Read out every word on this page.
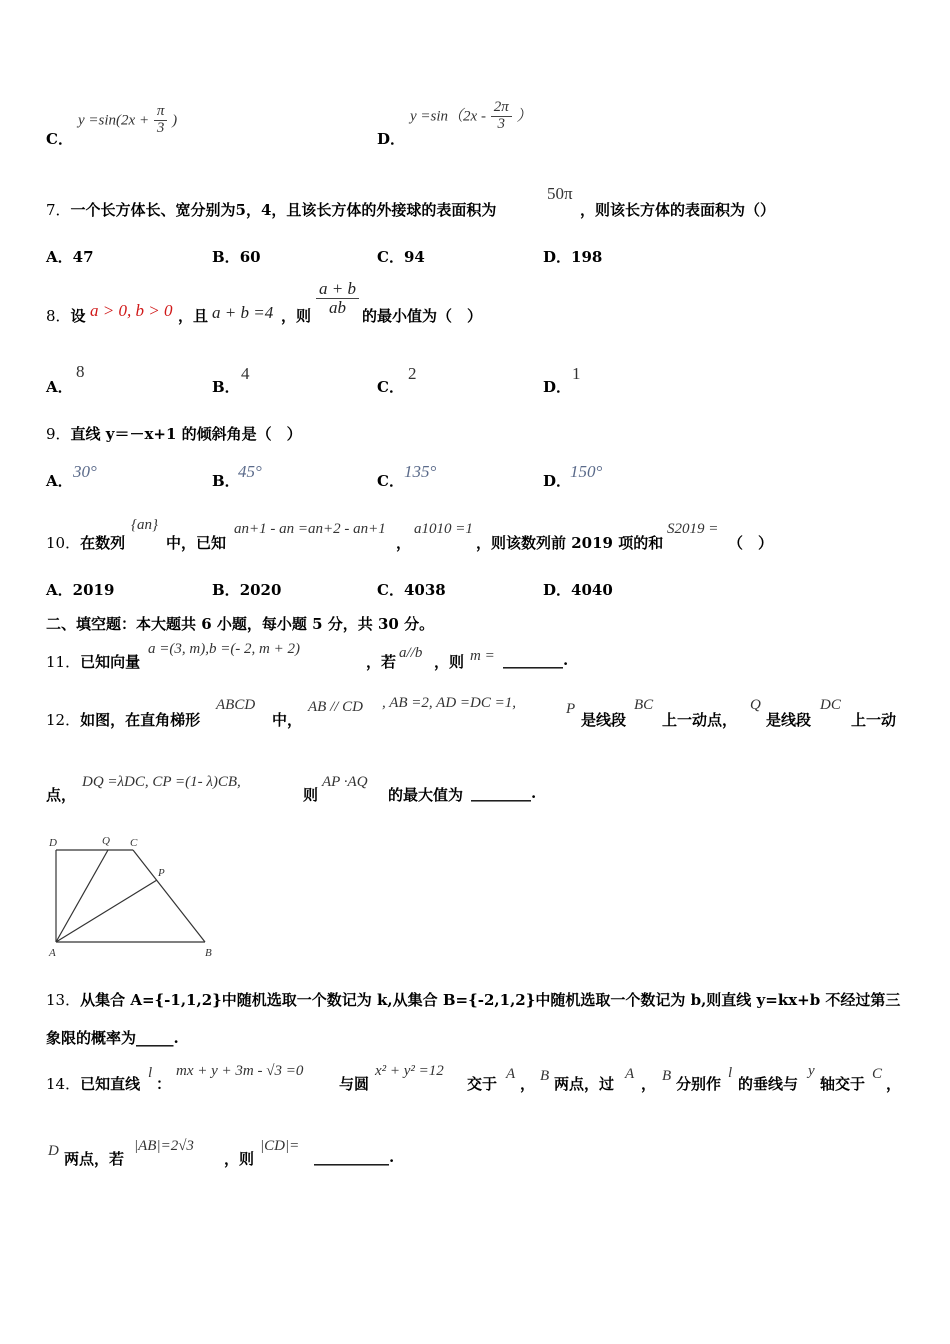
C．
$y =\sin(2x + \frac{\pi}{3}$ )
D．
$y =\sin(2x - \frac{2\pi}{3}$ ）
7．一个长方体长、宽分别为5，4，且该长方体的外接球的表面积为
50π
，则该长方体的表面积为（）
A．47	B．60	C．94	D．198
8．设 a > 0, b > 0 ，且 a + b =4 ，则 $\frac{a + b}{ab}$ 的最小值为（　）
A．
8
B．
4
C．
2
D．
1
9．直线 y＝－x+1 的倾斜角是（　）
A． 30°	B．
45°	C． 135°	D．
150°
10．在数列
{an}
中，已知
an+1 - an =an+2 - an+1
，
a1010 =1
，则该数列前 2019 项的和
S2019 =
（　）
A．2019	B．2020	C．4038	D．4040
二、填空题：本大题共 6 小题，每小题 5 分，共 30 分。
11．已知向量
a =(3, m),b =(- 2, m + 2)
，若 a//b ，则 m = ________.
12．如图，在直角梯形
ABCD
中，
AB // CD , AB =2, AD =DC =1,	P
是线段
BC
上一动点，
Q
是线段
DC
上一动
点，
DQ =λDC, CP =(1- λ)CB,
则
AP ·AQ
的最大值为 ________.
D	Q C
P
A	B
13．从集合 A={-1,1,2}中随机选取一个数记为 k,从集合 B={-2,1,2}中随机选取一个数记为 b,则直线 y=kx+b 不经过第三
象限的概率为_____.
14．已知直线
l
：
mx + y + 3m - √3 =0
与圆
x² + y² =12
交于
A
， B 两点，过
A
， B 分别作
l
的垂线与
y
轴交于
C
，
D 两点，若
|AB|=2√3
，则
|CD|=
__________.
